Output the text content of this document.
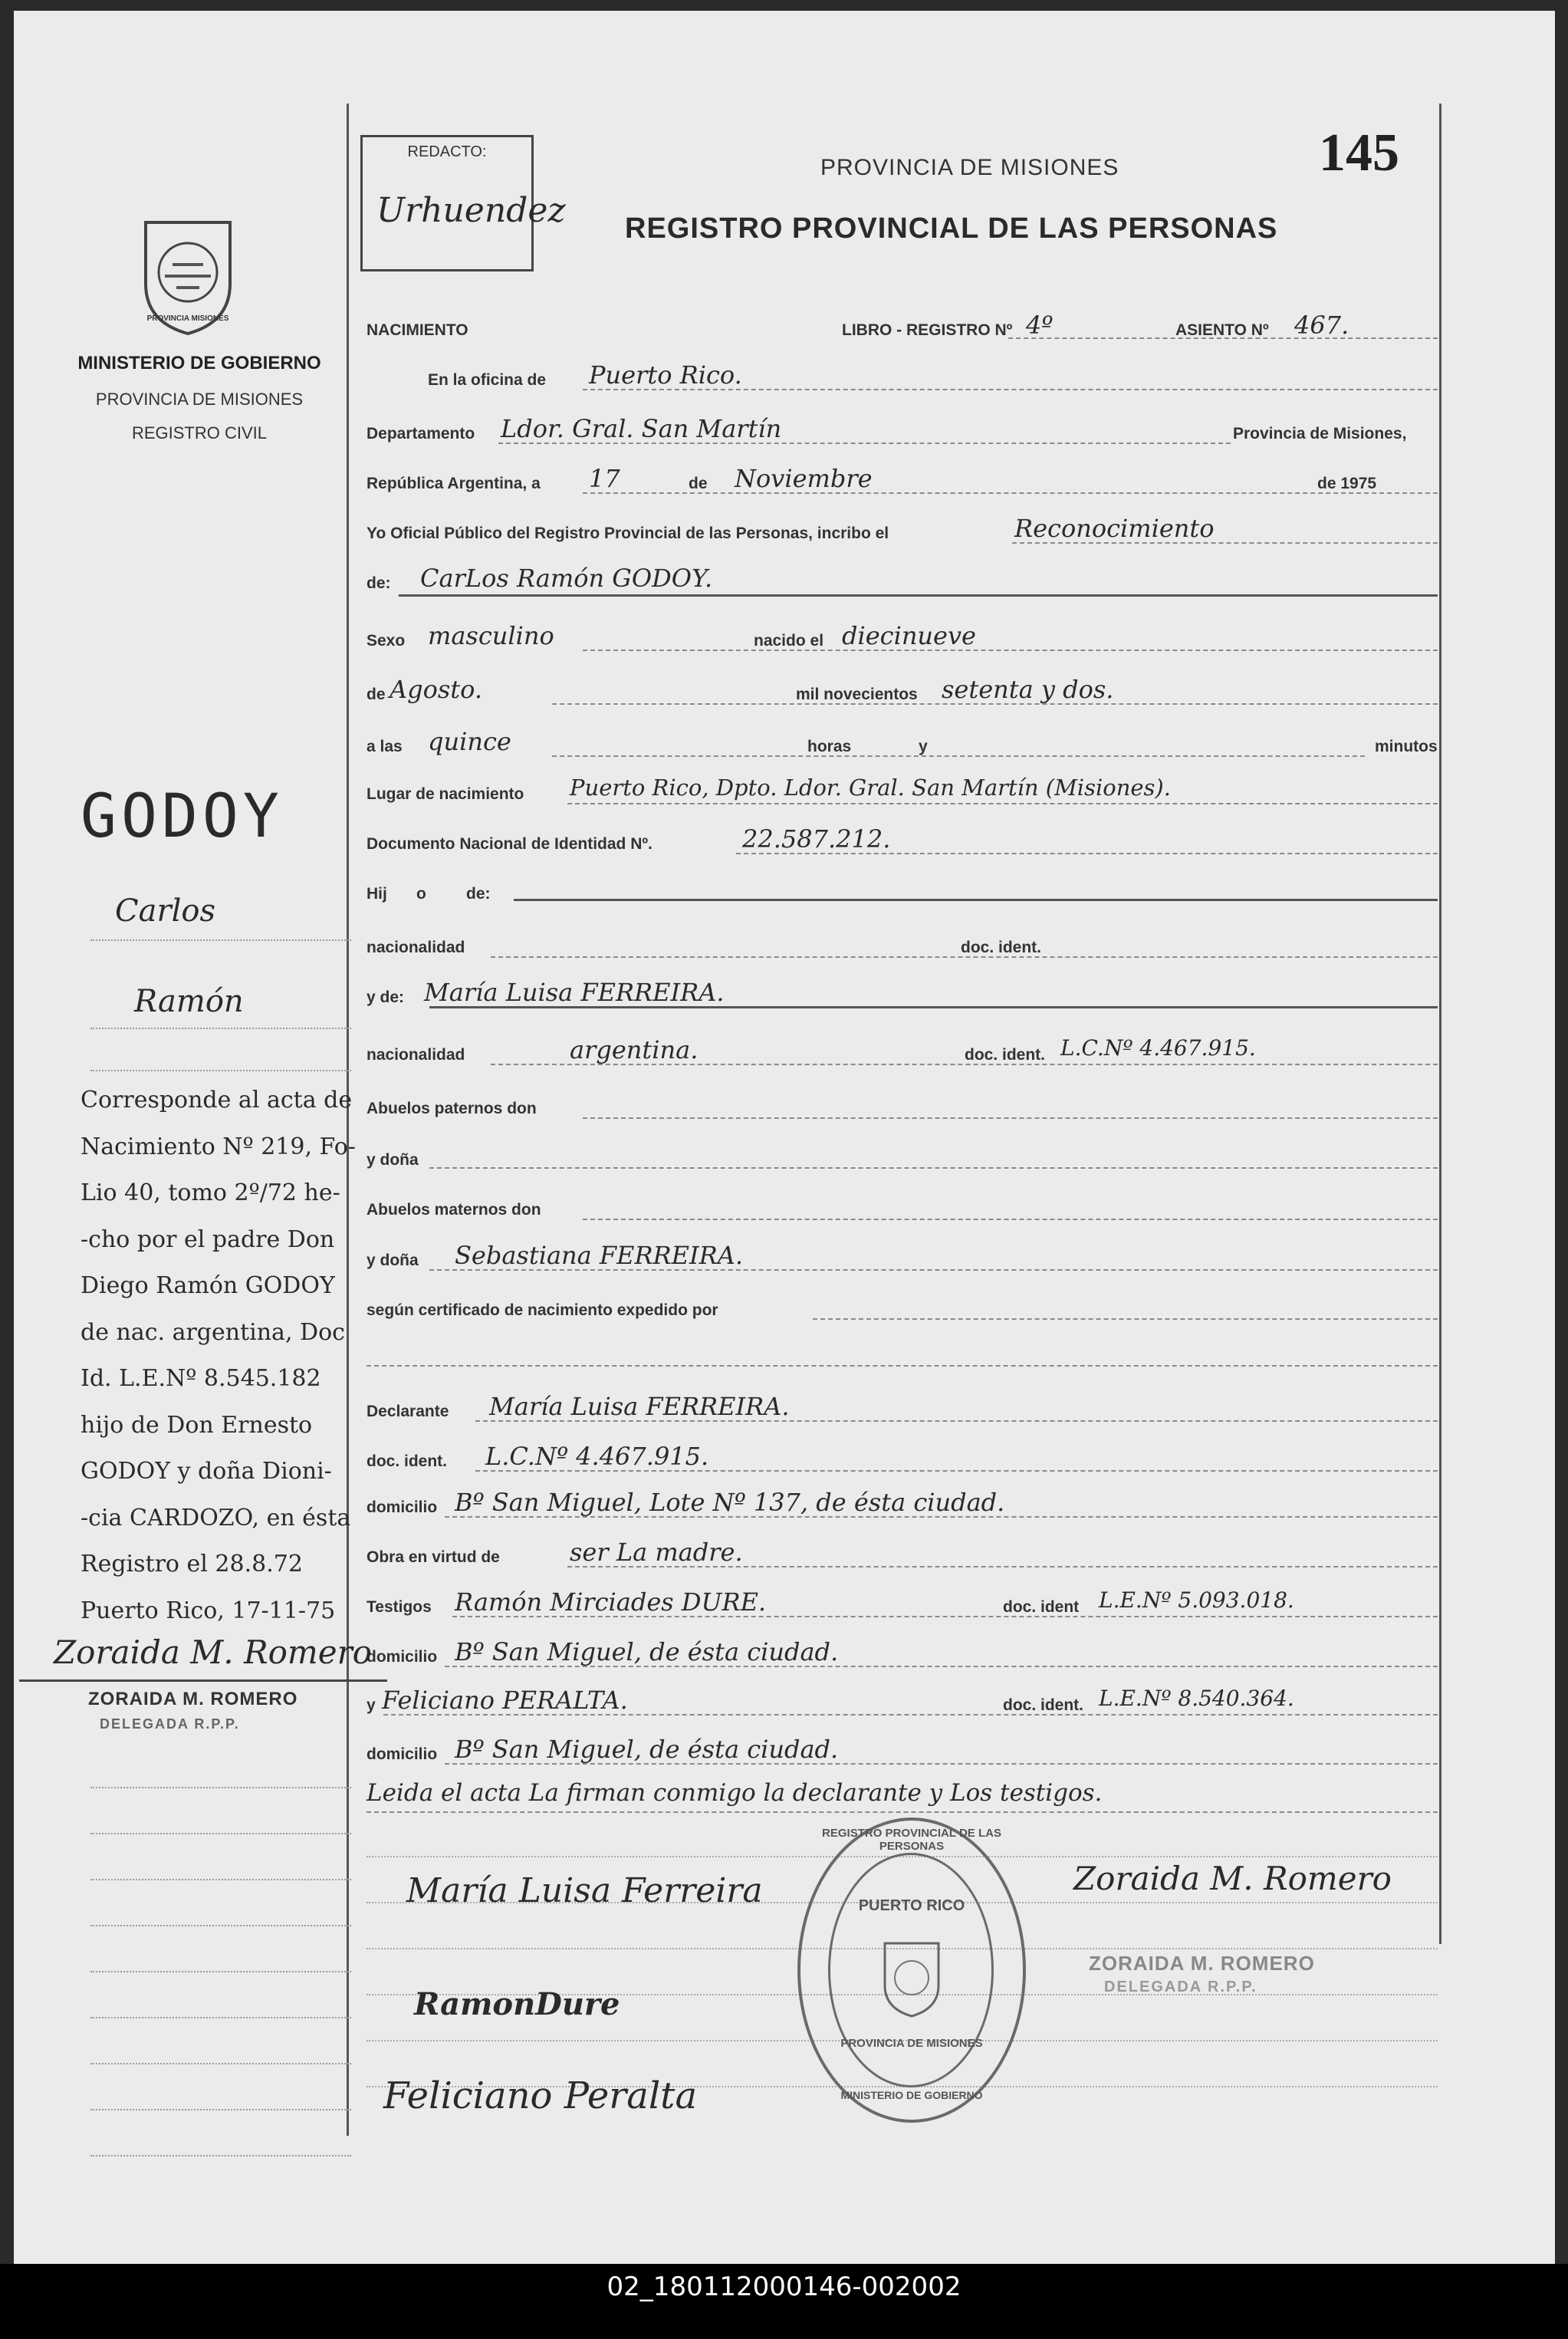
PROVINCIA MISIONES
MINISTERIO DE GOBIERNO
PROVINCIA DE MISIONES
REGISTRO CIVIL
REDACTO:
Urhuendez
PROVINCIA DE MISIONES
REGISTRO PROVINCIAL DE LAS PERSONAS
145
NACIMIENTO	LIBRO - REGISTRO Nº 4º	ASIENTO Nº 467.
En la oficina de Puerto Rico.
Departamento Ldor. Gral. San Martín	Provincia de Misiones,
República Argentina, a 17	de Noviembre	de 1975
Yo Oficial Público del Registro Provincial de las Personas, incribo el	Reconocimiento
de: CarLos Ramón GODOY.
Sexo masculino	nacido el diecinueve
de Agosto.	mil novecientos setenta y dos.
a las quince	horas	y	minutos
Lugar de nacimiento Puerto Rico, Dpto. Ldor. Gral. San Martín (Misiones).
Documento Nacional de Identidad Nº.	22.587.212.
Hij o de:
nacionalidad	doc. ident.
y de: María Luisa FERREIRA.
nacionalidad	argentina.	doc. ident. L.C.Nº 4.467.915.
Abuelos paternos don
y doña
Abuelos maternos don
y doña Sebastiana FERREIRA.
según certificado de nacimiento expedido por
Declarante María Luisa FERREIRA.
doc. ident. L.C.Nº 4.467.915.
domicilio Bº San Miguel, Lote Nº 137, de ésta ciudad.
Obra en virtud de	ser La madre.
Testigos Ramón Mirciades DURE.	doc. ident L.E.Nº 5.093.018.
domicilio Bº San Miguel, de ésta ciudad.
y Feliciano PERALTA.	doc. ident. L.E.Nº 8.540.364.
domicilio Bº San Miguel, de ésta ciudad.
Leida el acta La firman conmigo la declarante y Los testigos.
María Luisa Ferreira
RamonDure
Feliciano Peralta
Zoraida M. Romero
ZORAIDA M. ROMERO
DELEGADA R.P.P.
REGISTRO PROVINCIAL DE LAS PERSONAS
PUERTO RICO
PROVINCIA DE MISIONES
MINISTERIO DE GOBIERNO
GODOY
Carlos
Ramón
Corresponde al acta de
Nacimiento Nº 219, Fo-
Lio 40, tomo 2º/72 he-
-cho por el padre Don
Diego Ramón GODOY
de nac. argentina, Doc
Id. L.E.Nº 8.545.182
hijo de Don Ernesto
GODOY y doña Dioni-
-cia CARDOZO, en ésta
Registro el 28.8.72
Puerto Rico, 17-11-75
Zoraida M. Romero
ZORAIDA M. ROMERO
DELEGADA R.P.P.
02_180112000146-002002
